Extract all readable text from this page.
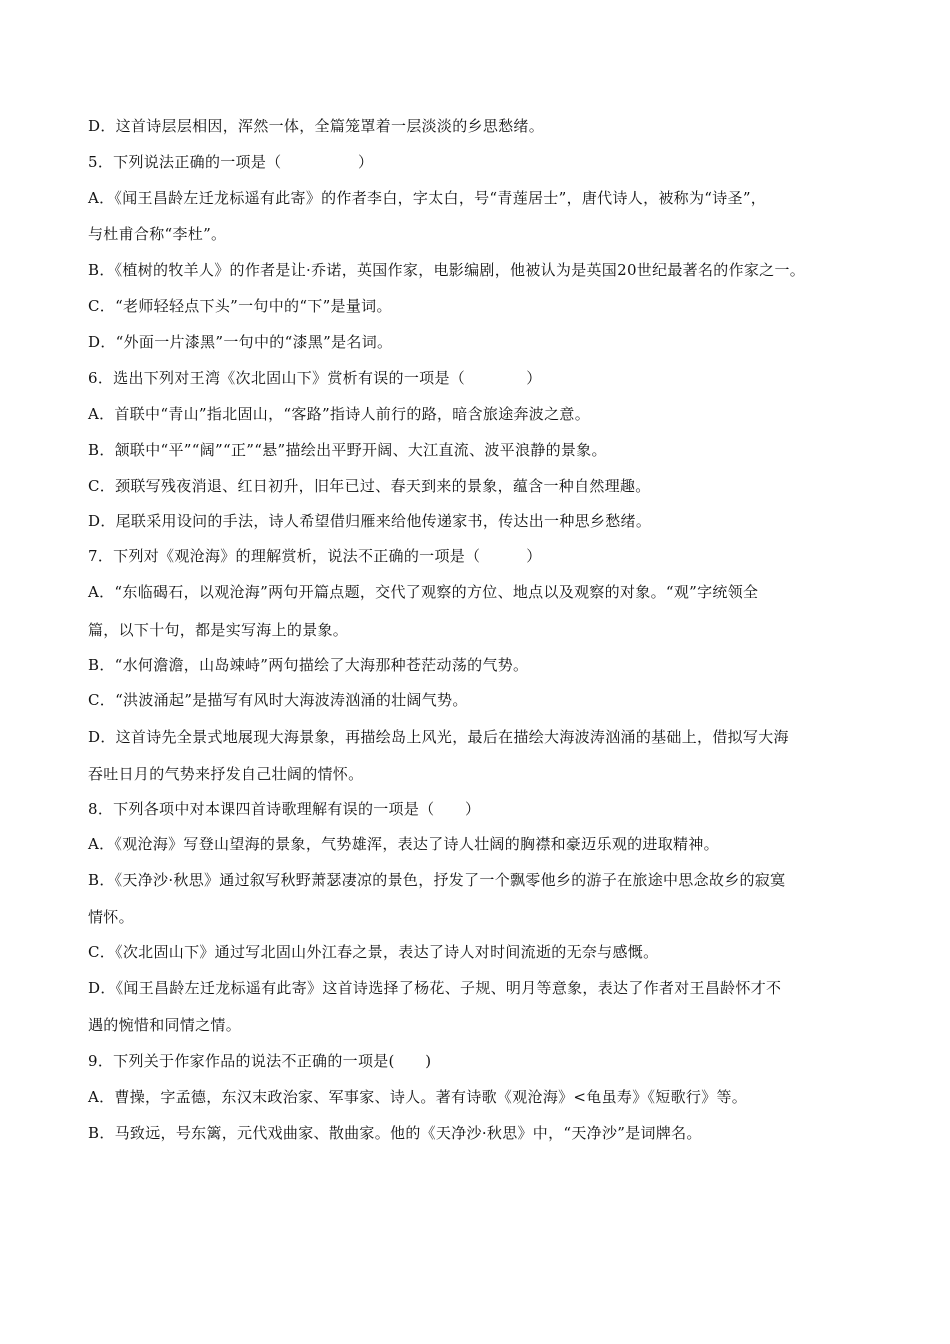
D．这首诗层层相因，浑然一体，全篇笼罩着一层淡淡的乡思愁绪。
5．下列说法正确的一项是（　　　　　）
A．《闻王昌龄左迁龙标遥有此寄》的作者李白，字太白，号“青莲居士”，唐代诗人，被称为“诗圣”，
与杜甫合称“李杜”。
B．《植树的牧羊人》的作者是让·乔诺，英国作家，电影编剧，他被认为是英国20世纪最著名的作家之一。
C．“老师轻轻点下头”一句中的“下”是量词。
D．“外面一片漆黑”一句中的“漆黑”是名词。
6．选出下列对王湾《次北固山下》赏析有误的一项是（　　　　）
A．首联中“青山”指北固山，“客路”指诗人前行的路，暗含旅途奔波之意。
B．颔联中“平”“阔”“正”“悬”描绘出平野开阔、大江直流、波平浪静的景象。
C．颈联写残夜消退、红日初升，旧年已过、春天到来的景象，蕴含一种自然理趣。
D．尾联采用设问的手法，诗人希望借归雁来给他传递家书，传达出一种思乡愁绪。
7．下列对《观沧海》的理解赏析，说法不正确的一项是（　　　）
A．“东临碣石，以观沧海”两句开篇点题，交代了观察的方位、地点以及观察的对象。“观”字统领全
篇，以下十句，都是实写海上的景象。
B．“水何澹澹，山岛竦峙”两句描绘了大海那种苍茫动荡的气势。
C．“洪波涌起”是描写有风时大海波涛汹涌的壮阔气势。
D．这首诗先全景式地展现大海景象，再描绘岛上风光，最后在描绘大海波涛汹涌的基础上，借拟写大海
吞吐日月的气势来抒发自己壮阔的情怀。
8．下列各项中对本课四首诗歌理解有误的一项是（　　）
A．《观沧海》写登山望海的景象，气势雄浑，表达了诗人壮阔的胸襟和豪迈乐观的进取精神。
B．《天净沙·秋思》通过叙写秋野萧瑟凄凉的景色，抒发了一个飘零他乡的游子在旅途中思念故乡的寂寞
情怀。
C．《次北固山下》通过写北固山外江春之景，表达了诗人对时间流逝的无奈与感慨。
D．《闻王昌龄左迁龙标遥有此寄》这首诗选择了杨花、子规、明月等意象，表达了作者对王昌龄怀才不
遇的惋惜和同情之情。
9．下列关于作家作品的说法不正确的一项是(　　)
A．曹操，字孟德，东汉末政治家、军事家、诗人。著有诗歌《观沧海》<龟虽寿》《短歌行》等。
B．马致远，号东篱，元代戏曲家、散曲家。他的《天净沙·秋思》中，“天净沙”是词牌名。
